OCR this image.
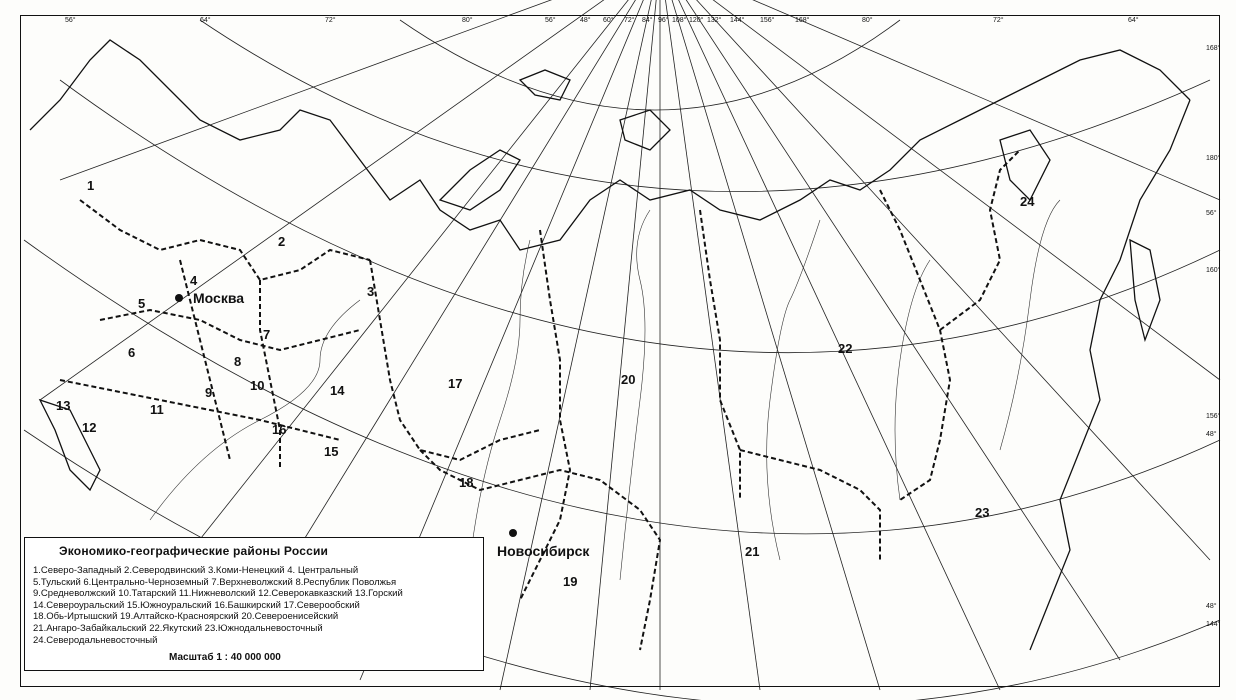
56°	64°	72°	80°	56°	48° 60° 72° 84° 96° 108° 120° 132° 144° 156°	168°	80°	72°	64°
168°
180°
56°
160°
156°
48°
48°
144°
Москва
Новосибирск
1
2
3
4
5
6
7
8
9	10
11
12
13
14
15
16
17
18
19
20
21
22
23
24
Экономико-географические районы России
1.Северо-Западный 2.Северодвинский 3.Коми-Ненецкий 4. Центральный
5.Тульский 6.Центрально-Черноземный 7.Верхневолжский 8.Республик Поволжья
9.Средневолжский 10.Татарский 11.Нижневолский 12.Северокавказский 13.Горский
14.Североуральский 15.Южноуральский 16.Башкирский 17.Северообский
18.Обь-Иртышский 19.Алтайско-Красноярский 20.Североенисейский
21.Ангаро-Забайкальский 22.Якутский 23.Южнодальневосточный
24.Северодальневосточный
Масштаб 1 : 40 000 000
